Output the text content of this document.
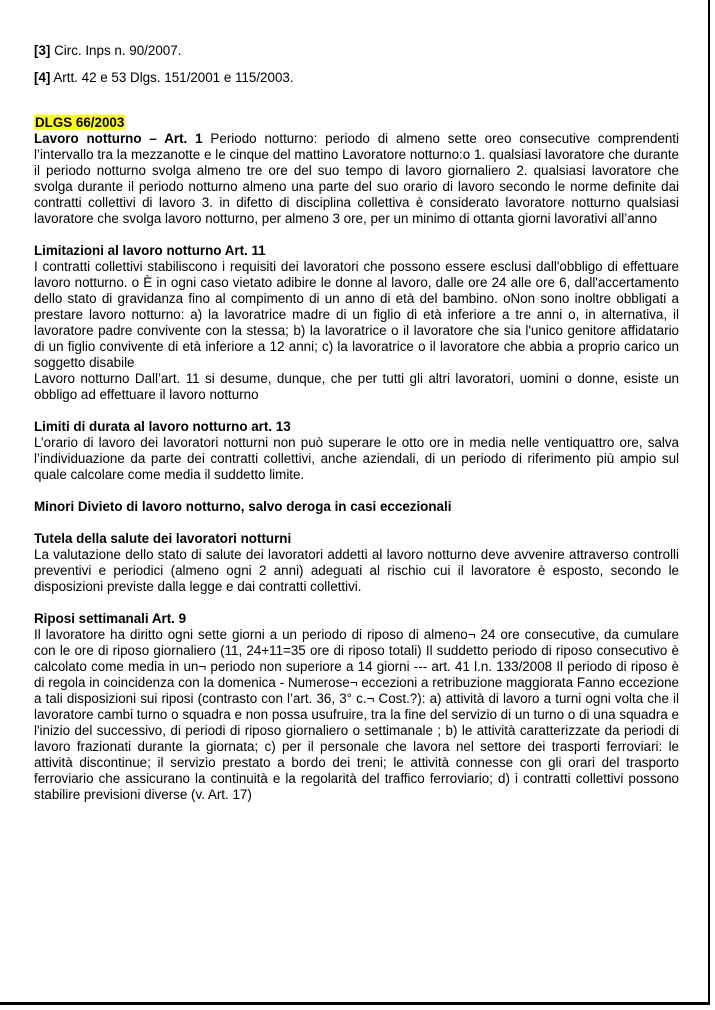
[3] Circ. Inps n. 90/2007.

[4] Artt. 42 e 53 Dlgs. 151/2001 e 115/2003.

DLGS 66/2003

Lavoro notturno – Art. 1 Periodo notturno: periodo di almeno sette oreο consecutive comprendenti l’intervallo tra la mezzanotte e le cinque del mattino Lavoratore notturno:ο 1. qualsiasi lavoratore che durante il periodo notturno svolga almeno tre ore del suo tempo di lavoro giornaliero 2. qualsiasi lavoratore che svolga durante il periodo notturno almeno una parte del suo orario di lavoro secondo le norme definite dai contratti collettivi di lavoro 3. in difetto di disciplina collettiva è considerato lavoratore notturno qualsiasi lavoratore che svolga lavoro notturno, per almeno 3 ore, per un minimo di ottanta giorni lavorativi all’anno

Limitazioni al lavoro notturno Art. 11

I contratti collettivi stabiliscono i requisiti dei lavoratori che possono essere esclusi dall'obbligo di effettuare lavoro notturno. o È in ogni caso vietato adibire le donne al lavoro, dalle ore 24 alle ore 6, dall'accertamento dello stato di gravidanza fino al compimento di un anno di età del bambino. oNon sono inoltre obbligati a prestare lavoro notturno: a) la lavoratrice madre di un figlio di età inferiore a tre anni o, in alternativa, il lavoratore padre convivente con la stessa; b) la lavoratrice o il lavoratore che sia l'unico genitore affidatario di un figlio convivente di età inferiore a 12 anni; c) la lavoratrice o il lavoratore che abbia a proprio carico un soggetto disabile

Lavoro notturno Dall’art. 11 si desume, dunque, che per tutti gli altri lavoratori, uomini o donne, esiste un obbligo ad effettuare il lavoro notturno

Limiti di durata al lavoro notturno art. 13

L’orario di lavoro dei lavoratori notturni non può superare le otto ore in media nelle ventiquattro ore, salva l’individuazione da parte dei contratti collettivi, anche aziendali, di un periodo di riferimento più ampio sul quale calcolare come media il suddetto limite.

Minori Divieto di lavoro notturno, salvo deroga in casi eccezionali

Tutela della salute dei lavoratori notturni

La valutazione dello stato di salute dei lavoratori addetti al lavoro notturno deve avvenire attraverso controlli preventivi e periodici (almeno ogni 2 anni) adeguati al rischio cui il lavoratore è esposto, secondo le disposizioni previste dalla legge e dai contratti collettivi.

Riposi settimanali Art. 9

Il lavoratore ha diritto ogni sette giorni a un periodo di riposo di almeno¬ 24 ore consecutive, da cumulare con le ore di riposo giornaliero (11, 24+11=35 ore di riposo totali) Il suddetto periodo di riposo consecutivo è calcolato come media in un¬ periodo non superiore a 14 giorni --- art. 41 l.n. 133/2008 Il periodo di riposo è di regola in coincidenza con la domenica - Numerose¬ eccezioni a retribuzione maggiorata Fanno eccezione a tali disposizioni sui riposi (contrasto con l’art. 36, 3° c.¬ Cost.?): a) attività di lavoro a turni ogni volta che il lavoratore cambi turno o squadra e non possa usufruire, tra la fine del servizio di un turno o di una squadra e l'inizio del successivo, di periodi di riposo giornaliero o settimanale ; b) le attività caratterizzate da periodi di lavoro frazionati durante la giornata; c) per il personale che lavora nel settore dei trasporti ferroviari: le attività discontinue; il servizio prestato a bordo dei treni; le attività connesse con gli orari del trasporto ferroviario che assicurano la continuità e la regolarità del traffico ferroviario; d) i contratti collettivi possono stabilire previsioni diverse (v. Art. 17)
